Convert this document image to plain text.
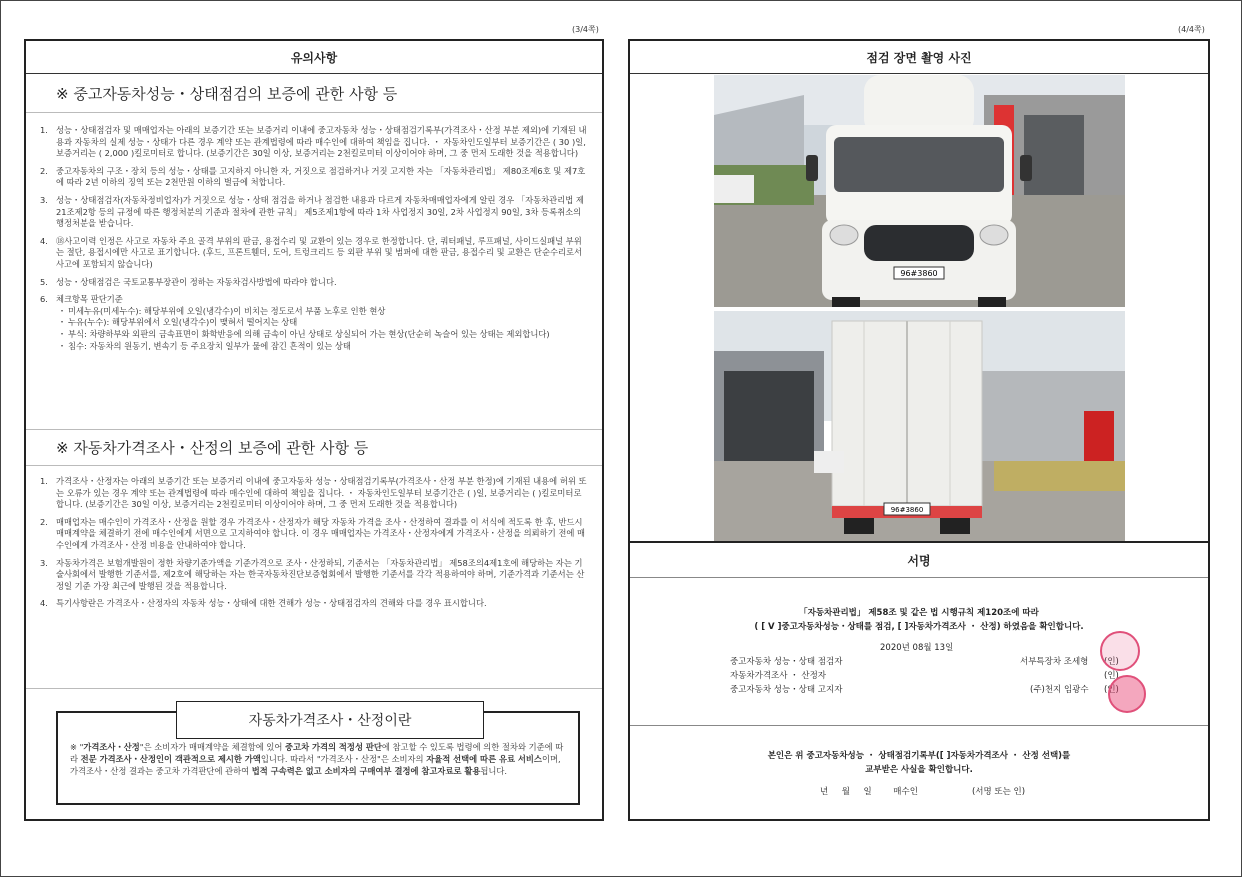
(3/4쪽)	(4/4쪽)
유의사항
※ 중고자동차성능・상태점검의 보증에 관한 사항 등
1. 성능・상태점검자 및 매매업자는 아래의 보증기간 또는 보증거리 이내에 중고자동차 성능・상태점검기록부(가격조사・산정 부분 제외)에 기재된 내용과 자동차의 실제 성능・상태가 다른 경우 계약 또는 관계법령에 따라 매수인에 대하여 책임을 집니다. ・ 자동차인도일부터 보증기간은 ( 30 )일, 보증거리는 ( 2,000 )킬로미터로 합니다. (보증기간은 30일 이상, 보증거리는 2천킬로미터 이상이어야 하며, 그 중 먼저 도래한 것을 적용합니다)
2. 중고자동차의 구조・장치 등의 성능・상태를 고지하지 아니한 자, 거짓으로 점검하거나 거짓 고지한 자는 「자동차관리법」 제80조제6호 및 제7호에 따라 2년 이하의 징역 또는 2천만원 이하의 벌금에 처합니다.
3. 성능・상태점검자(자동차정비업자)가 거짓으로 성능・상태 점검을 하거나 점검한 내용과 다르게 자동차매매업자에게 알린 경우 「자동차관리법 제21조제2항 등의 규정에 따른 행정처분의 기준과 절차에 관한 규칙」 제5조제1항에 따라 1차 사업정지 30일, 2차 사업정지 90일, 3차 등록취소의 행정처분을 받습니다.
4. ⑱사고이력 인정은 사고로 자동차 주요 골격 부위의 판금, 용접수리 및 교환이 있는 경우로 한정합니다. 단, 쿼터패널, 루프패널, 사이드실패널 부위는 절단, 용접시에만 사고로 표기합니다. (후드, 프론트휀더, 도어, 트렁크리드 등 외판 부위 및 범퍼에 대한 판금, 용접수리 및 교환은 단순수리로서 사고에 포함되지 않습니다)
5. 성능・상태점검은 국토교통부장관이 정하는 자동차검사방법에 따라야 합니다.
6. 체크항목 판단기준
・ 미세누유(미세누수): 해당부위에 오일(냉각수)이 비치는 정도로서 부품 노후로 인한 현상
・ 누유(누수): 해당부위에서 오일(냉각수)이 맺혀서 떨어지는 상태
・ 부식: 차량하부와 외판의 금속표면이 화학반응에 의해 금속이 아닌 상태로 상실되어 가는 현상(단순히 녹슬어 있는 상태는 제외합니다)
・ 침수: 자동차의 원동기, 변속기 등 주요장치 일부가 물에 잠긴 흔적이 있는 상태
※ 자동차가격조사・산정의 보증에 관한 사항 등
1. 가격조사・산정자는 아래의 보증기간 또는 보증거리 이내에 중고자동차 성능・상태점검기록부(가격조사・산정 부분 한정)에 기재된 내용에 허위 또는 오류가 있는 경우 계약 또는 관계법령에 따라 매수인에 대하여 책임을 집니다. ・ 자동차인도일부터 보증기간은 ( )일, 보증거리는 ( )킬로미터로 합니다. (보증기간은 30일 이상, 보증거리는 2천킬로미터 이상이어야 하며, 그 중 먼저 도래한 것을 적용합니다)
2. 매매업자는 매수인이 가격조사・산정을 원할 경우 가격조사・산정자가 해당 자동차 가격을 조사・산정하여 결과를 이 서식에 적도록 한 후, 반드시 매매계약을 체결하기 전에 매수인에게 서면으로 고지하여야 합니다. 이 경우 매매업자는 가격조사・산정자에게 가격조사・산정을 의뢰하기 전에 매수인에게 가격조사・산정 비용을 안내하여야 합니다.
3. 자동차가격은 보험개발원이 정한 차량기준가액을 기준가격으로 조사・산정하되, 기준서는 「자동차관리법」 제58조의4제1호에 해당하는 자는 기술사회에서 발행한 기준서를, 제2호에 해당하는 자는 한국자동차진단보증협회에서 발행한 기준서를 각각 적용하여야 하며, 기준가격과 기준서는 산정일 기준 가장 최근에 발행된 것을 적용합니다.
4. 특기사항란은 가격조사・산정자의 자동차 성능・상태에 대한 견해가 성능・상태점검자의 견해와 다를 경우 표시합니다.
※ "가격조사・산정"은 소비자가 매매계약을 체결함에 있어 중고차 가격의 적정성 판단에 참고할 수 있도록 법령에 의한 절차와 기준에 따라 전문 가격조사・산정인이 객관적으로 제시한 가액입니다. 따라서 "가격조사・산정"은 소비자의 자율적 선택에 따른 유료 서비스이며, 가격조사・산정 결과는 중고차 가격판단에 관하여 법적 구속력은 없고 소비자의 구매여부 결정에 참고자료로 활용됩니다.
자동차가격조사・산정이란
점검 장면 촬영 사진
96#3860
96#3860
서명
「자동차관리법」 제58조 및 같은 법 시행규칙 제120조에 따라
( [ V ]중고자동차성능・상태를 점검, [ ]자동차가격조사 ・ 산정) 하였음을 확인합니다.
2020년 08월 13일
중고자동차 성능・상태 점검자	서부특장차 조세형 (인)
자동차가격조사 ・ 산정자	(인)
중고자동차 성능・상태 고지자	(주)천지 임광수 (인)
본인은 위 중고자동차성능 ・ 상태점검기록부([ ]자동차가격조사 ・ 산정 선택)를
교부받은 사실을 확인합니다.
년     월     일        매수인                    (서명 또는 인)
